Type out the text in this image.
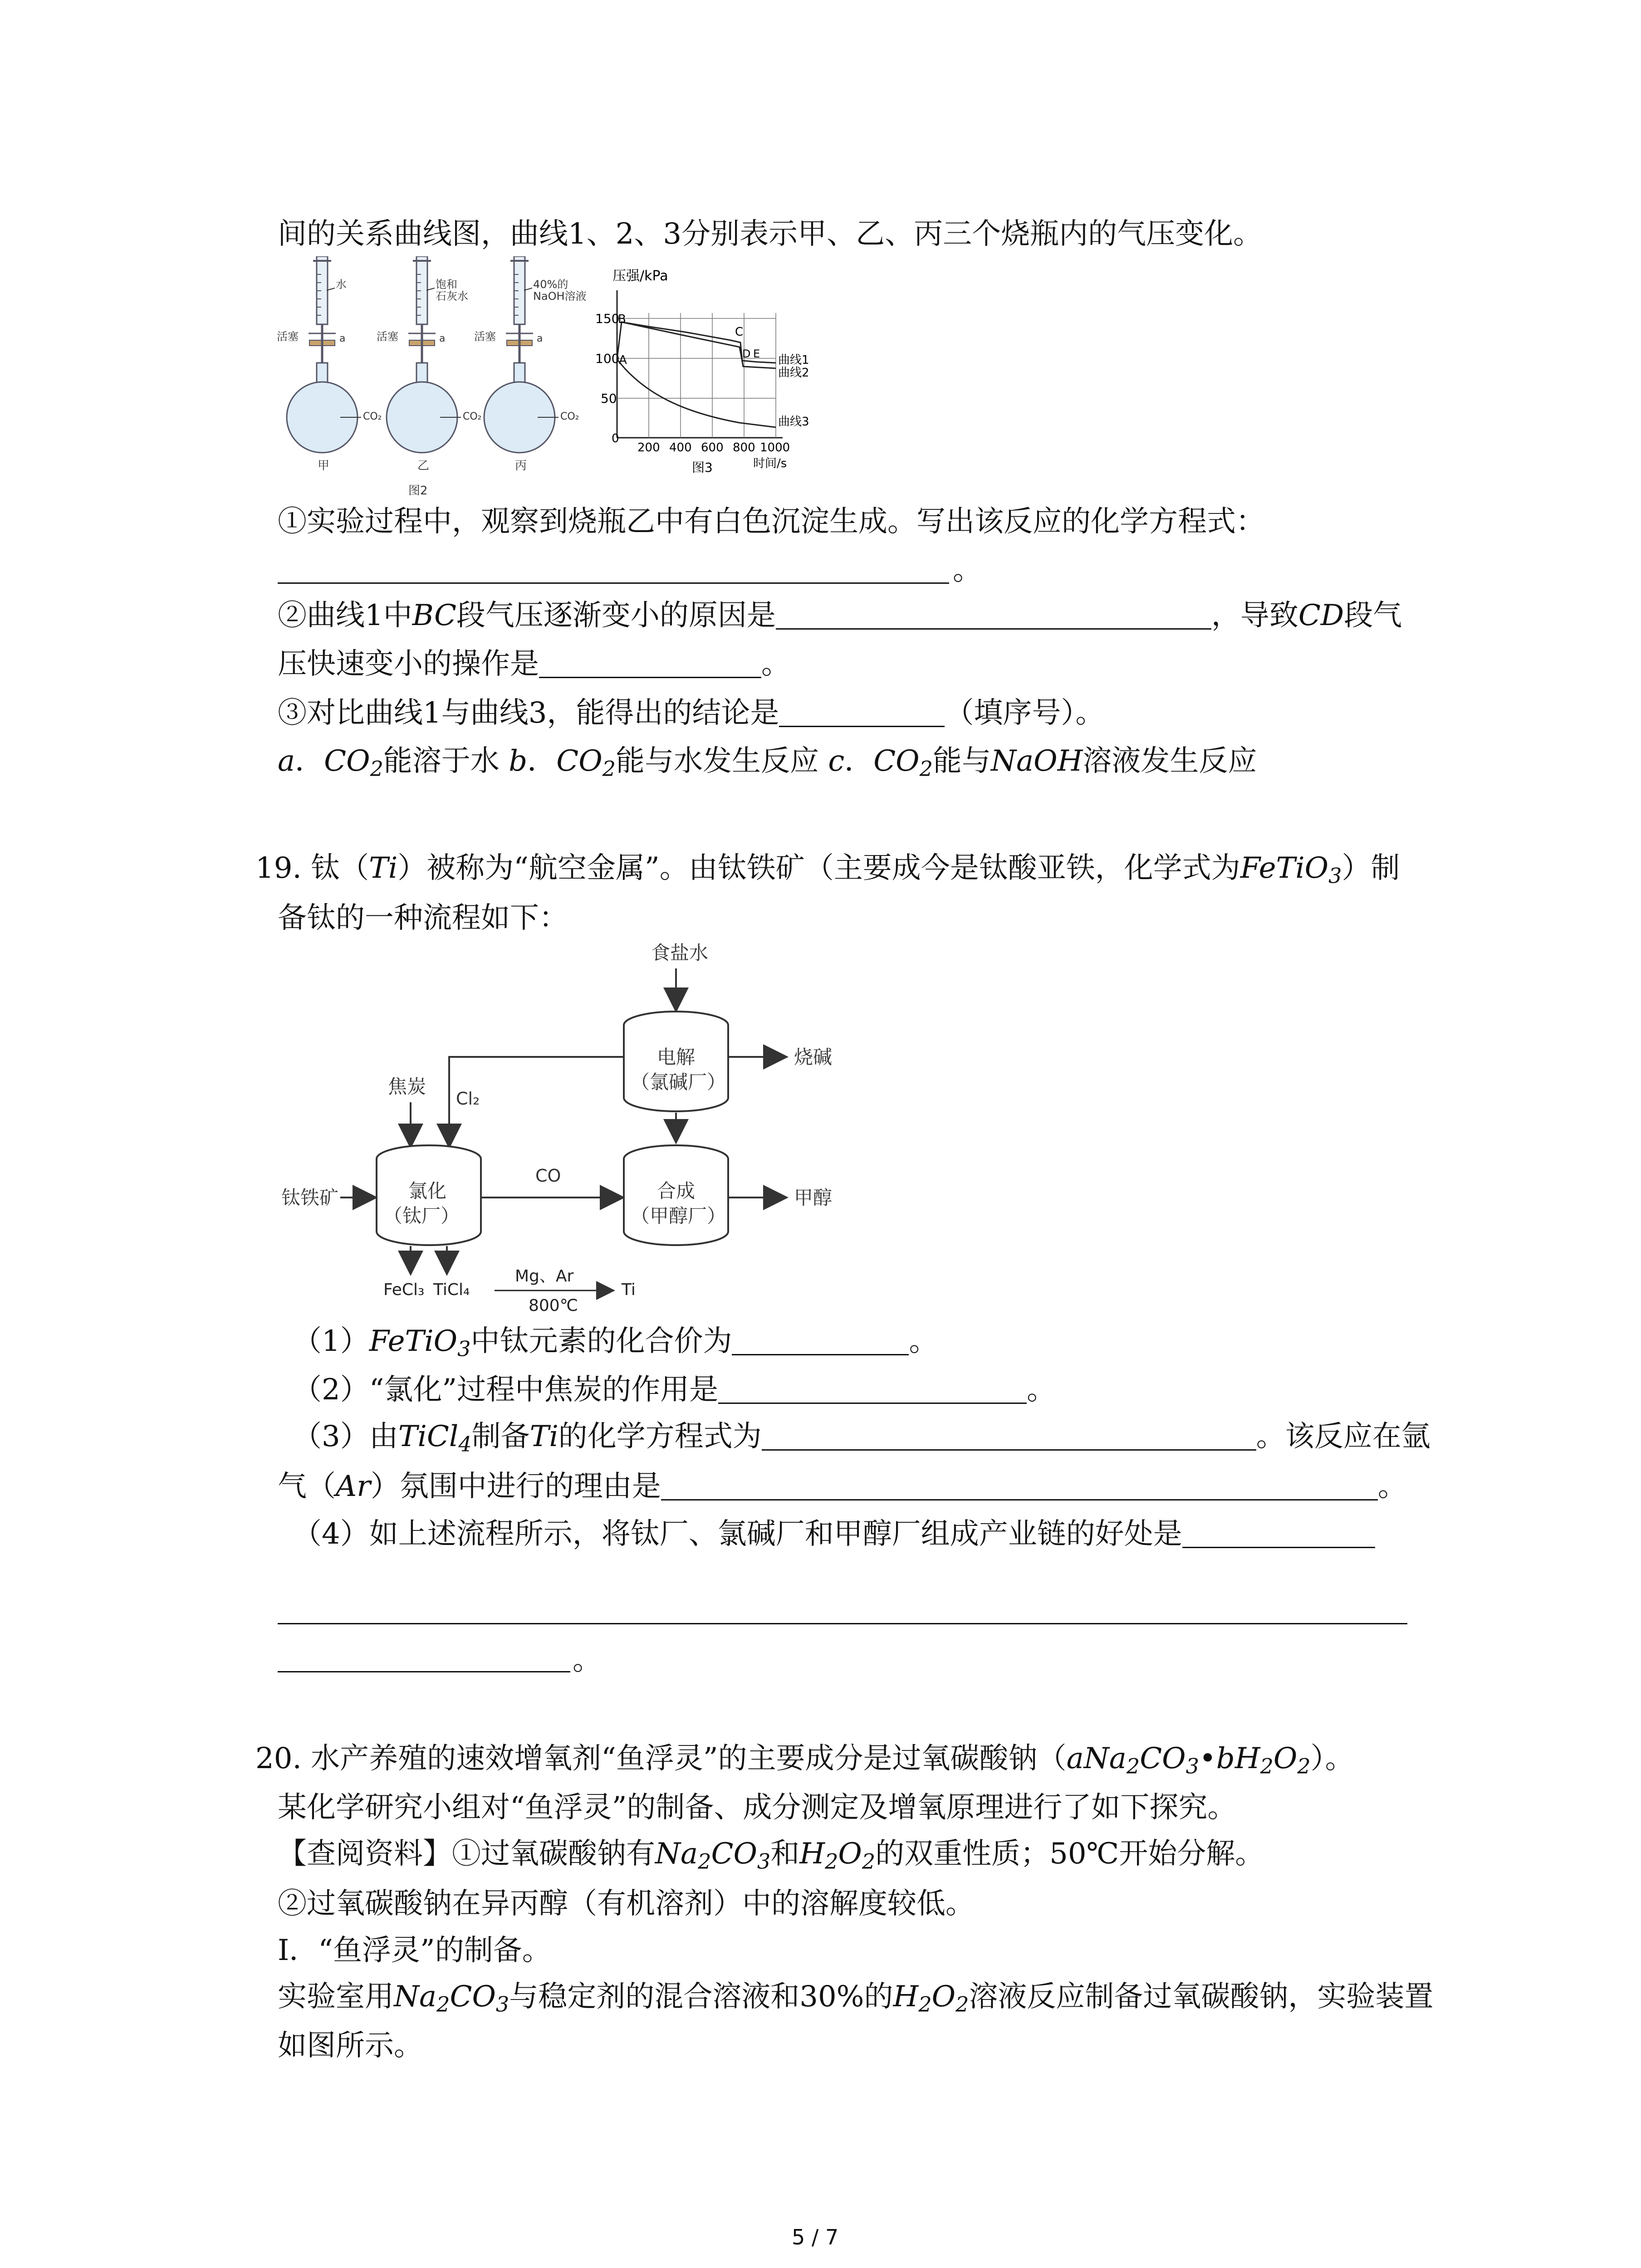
间的关系曲线图，曲线1、2、3分别表示甲、乙、丙三个烧瓶内的气压变化。
水
活塞	a
CO₂
甲
饱和
石灰水
活塞	a
CO₂
乙
40%的
NaOH溶液
活塞	a
CO₂
丙
图2
压强/kPa
150
100
50
0
200 400 600 800 1000
时间/s
B
A
C
D E 曲线1
曲线2
曲线3
图3
①实验过程中，观察到烧瓶乙中有白色沉淀生成。写出该反应的化学方程式：
。
②曲线1中BC段气压逐渐变小的原因是	，导致CD段气
压快速变小的操作是	。
③对比曲线1与曲线3，能得出的结论是	（填序号）。
a．$CO_2$能溶于水 b．$CO_2$能与水发生反应 c．$CO_2$能与NaOH溶液发生反应
19. 钛（Ti）被称为“航空金属”。由钛铁矿（主要成今是钛酸亚铁，化学式为FeTiO$_3$）制
备钛的一种流程如下：
食盐水
电解
（氯碱厂）
烧碱
Cl₂
焦炭
氯化
（钛厂）
钛铁矿
CO
合成
（甲醇厂）
甲醇
FeCl₃ TiCl₄
Mg、Ar
800℃
Ti
（1）FeTiO$_3$中钛元素的化合价为	。
（2）“氯化”过程中焦炭的作用是	。
（3）由TiCl$_4$制备Ti的化学方程式为	。该反应在氩
气（Ar）氛围中进行的理由是	。
（4）如上述流程所示，将钛厂、氯碱厂和甲醇厂组成产业链的好处是
。
20. 水产养殖的速效增氧剂“鱼浮灵”的主要成分是过氧碳酸钠$(aNa_2CO_3•bH_2O_2)$。
某化学研究小组对“鱼浮灵”的制备、成分测定及增氧原理进行了如下探究。
【查阅资料】①过氧碳酸钠有$Na_2CO_3$和$H_2O_2$的双重性质；50℃开始分解。
②过氧碳酸钠在异丙醇（有机溶剂）中的溶解度较低。
Ⅰ．“鱼浮灵”的制备。
实验室用$Na_2CO_3$与稳定剂的混合溶液和30%的$H_2O_2$溶液反应制备过氧碳酸钠，实验装置
如图所示。
5 / 7
